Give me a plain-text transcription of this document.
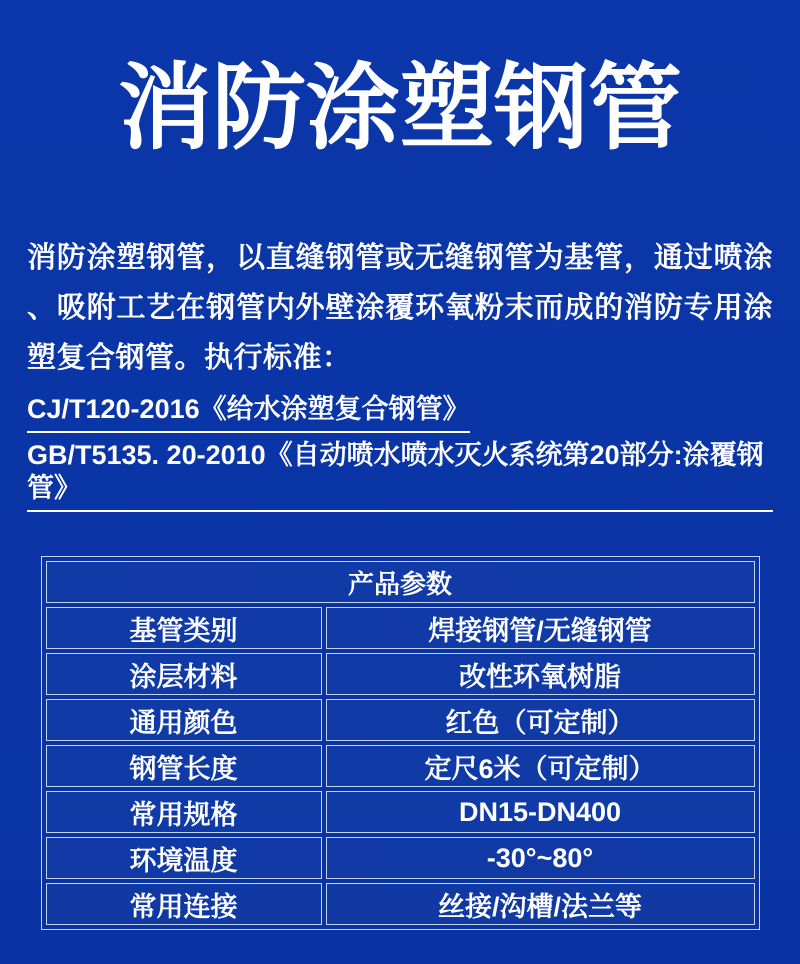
消防涂塑钢管

消防涂塑钢管，以直缝钢管或无缝钢管为基管，通过喷涂、吸附工艺在钢管内外壁涂覆环氧粉末而成的消防专用涂塑复合钢管。执行标准：

CJ/T120-2016《给水涂塑复合钢管》
GB/T5135. 20-2010《自动喷水喷水灭火系统第20部分:涂覆钢管》
产品参数	
基管类别	焊接钢管/无缝钢管
涂层材料	改性环氧树脂
通用颜色	红色（可定制）
钢管长度	定尺6米（可定制）
常用规格	DN15-DN400
环境温度	-30°~80°
常用连接	丝接/沟槽/法兰等
